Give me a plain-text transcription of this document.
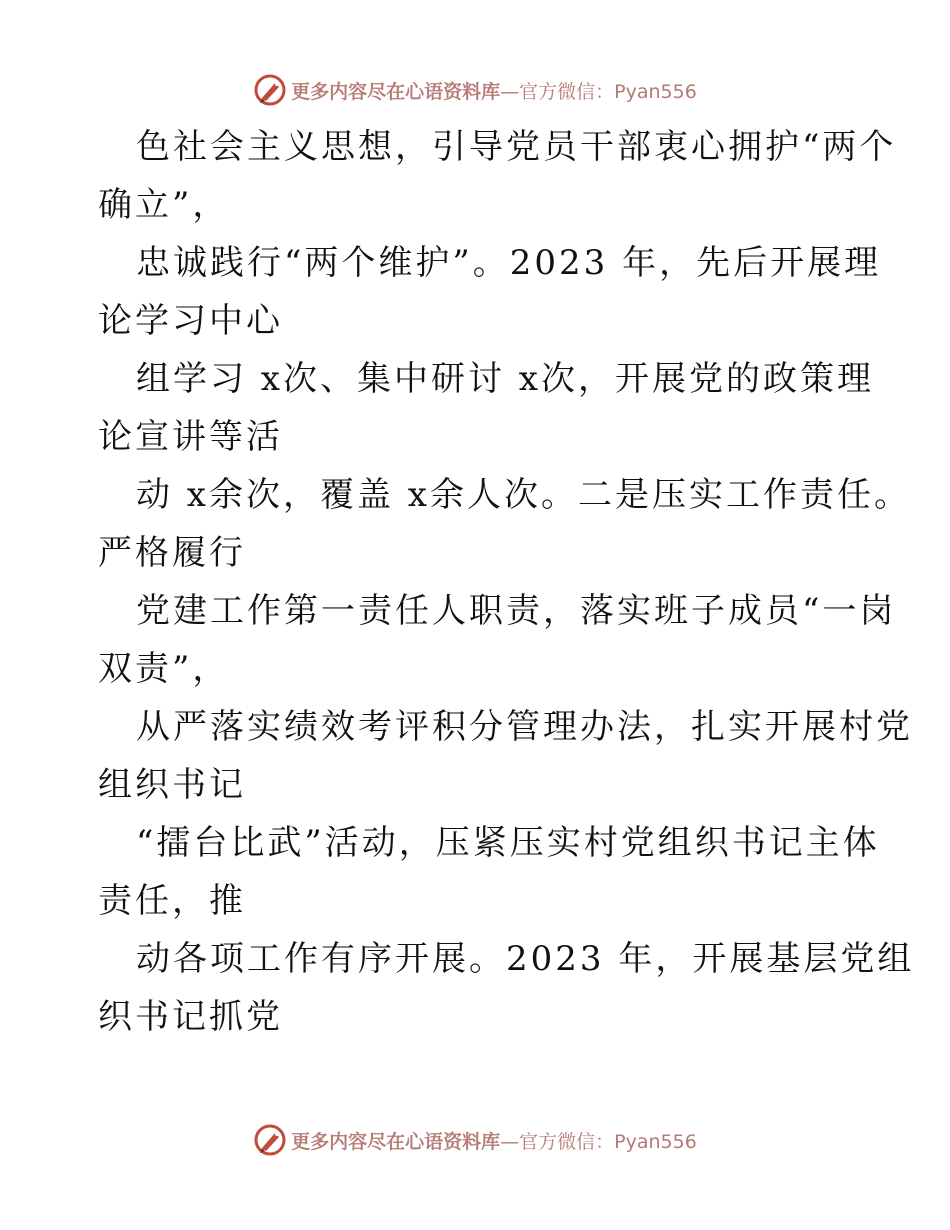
更多内容尽在心语资料库 —官方微信：Pyan556
色社会主义思想，引导党员干部衷心拥护“两个
确立”，
忠诚践行“两个维护”。2023 年，先后开展理
论学习中心
组学习 x次、集中研讨 x次，开展党的政策理
论宣讲等活
动 x余次，覆盖 x余人次。二是压实工作责任。
严格履行
党建工作第一责任人职责，落实班子成员“一岗
双责”，
从严落实绩效考评积分管理办法，扎实开展村党
组织书记
“擂台比武”活动，压紧压实村党组织书记主体
责任，推
动各项工作有序开展。2023 年，开展基层党组
织书记抓党
更多内容尽在心语资料库 —官方微信：Pyan556
